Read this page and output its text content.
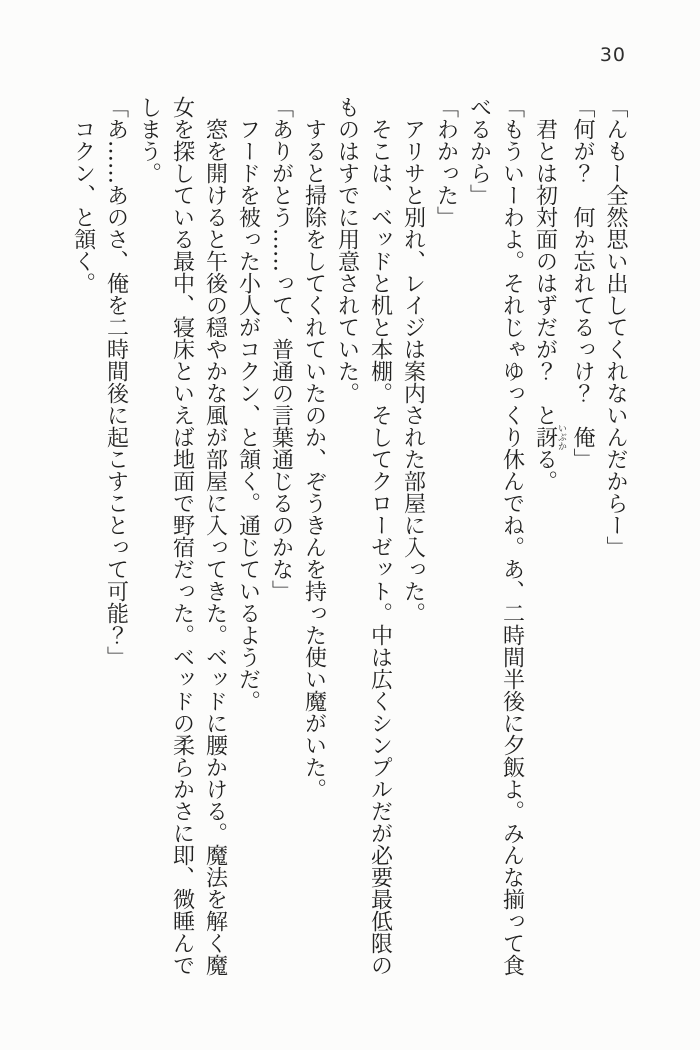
30

「んもー全然思い出してくれないんだからー」

「何が？　何か忘れてるっけ？　俺」

君とは初対面のはずだが？　と訝いぶかる。

「もういーわよ。それじゃゆっくり休んでね。あ、二時間半後に夕飯よ。みんな揃って食べるから」

「わかった」

アリサと別れ、レイジは案内された部屋に入った。

そこは、ベッドと机と本棚。そしてクローゼット。中は広くシンプルだが必要最低限のものはすでに用意されていた。

すると掃除をしてくれていたのか、ぞうきんを持った使い魔がいた。

「ありがとう……って、普通の言葉通じるのかな」

フードを被った小人がコクン、と頷く。通じているようだ。

窓を開けると午後の穏やかな風が部屋に入ってきた。ベッドに腰かける。魔法を解く魔女を探している最中、寝床といえば地面で野宿だった。ベッドの柔らかさに即、微睡んでしまう。

「あ……あのさ、俺を二時間後に起こすことって可能？」

コクン、と頷く。
